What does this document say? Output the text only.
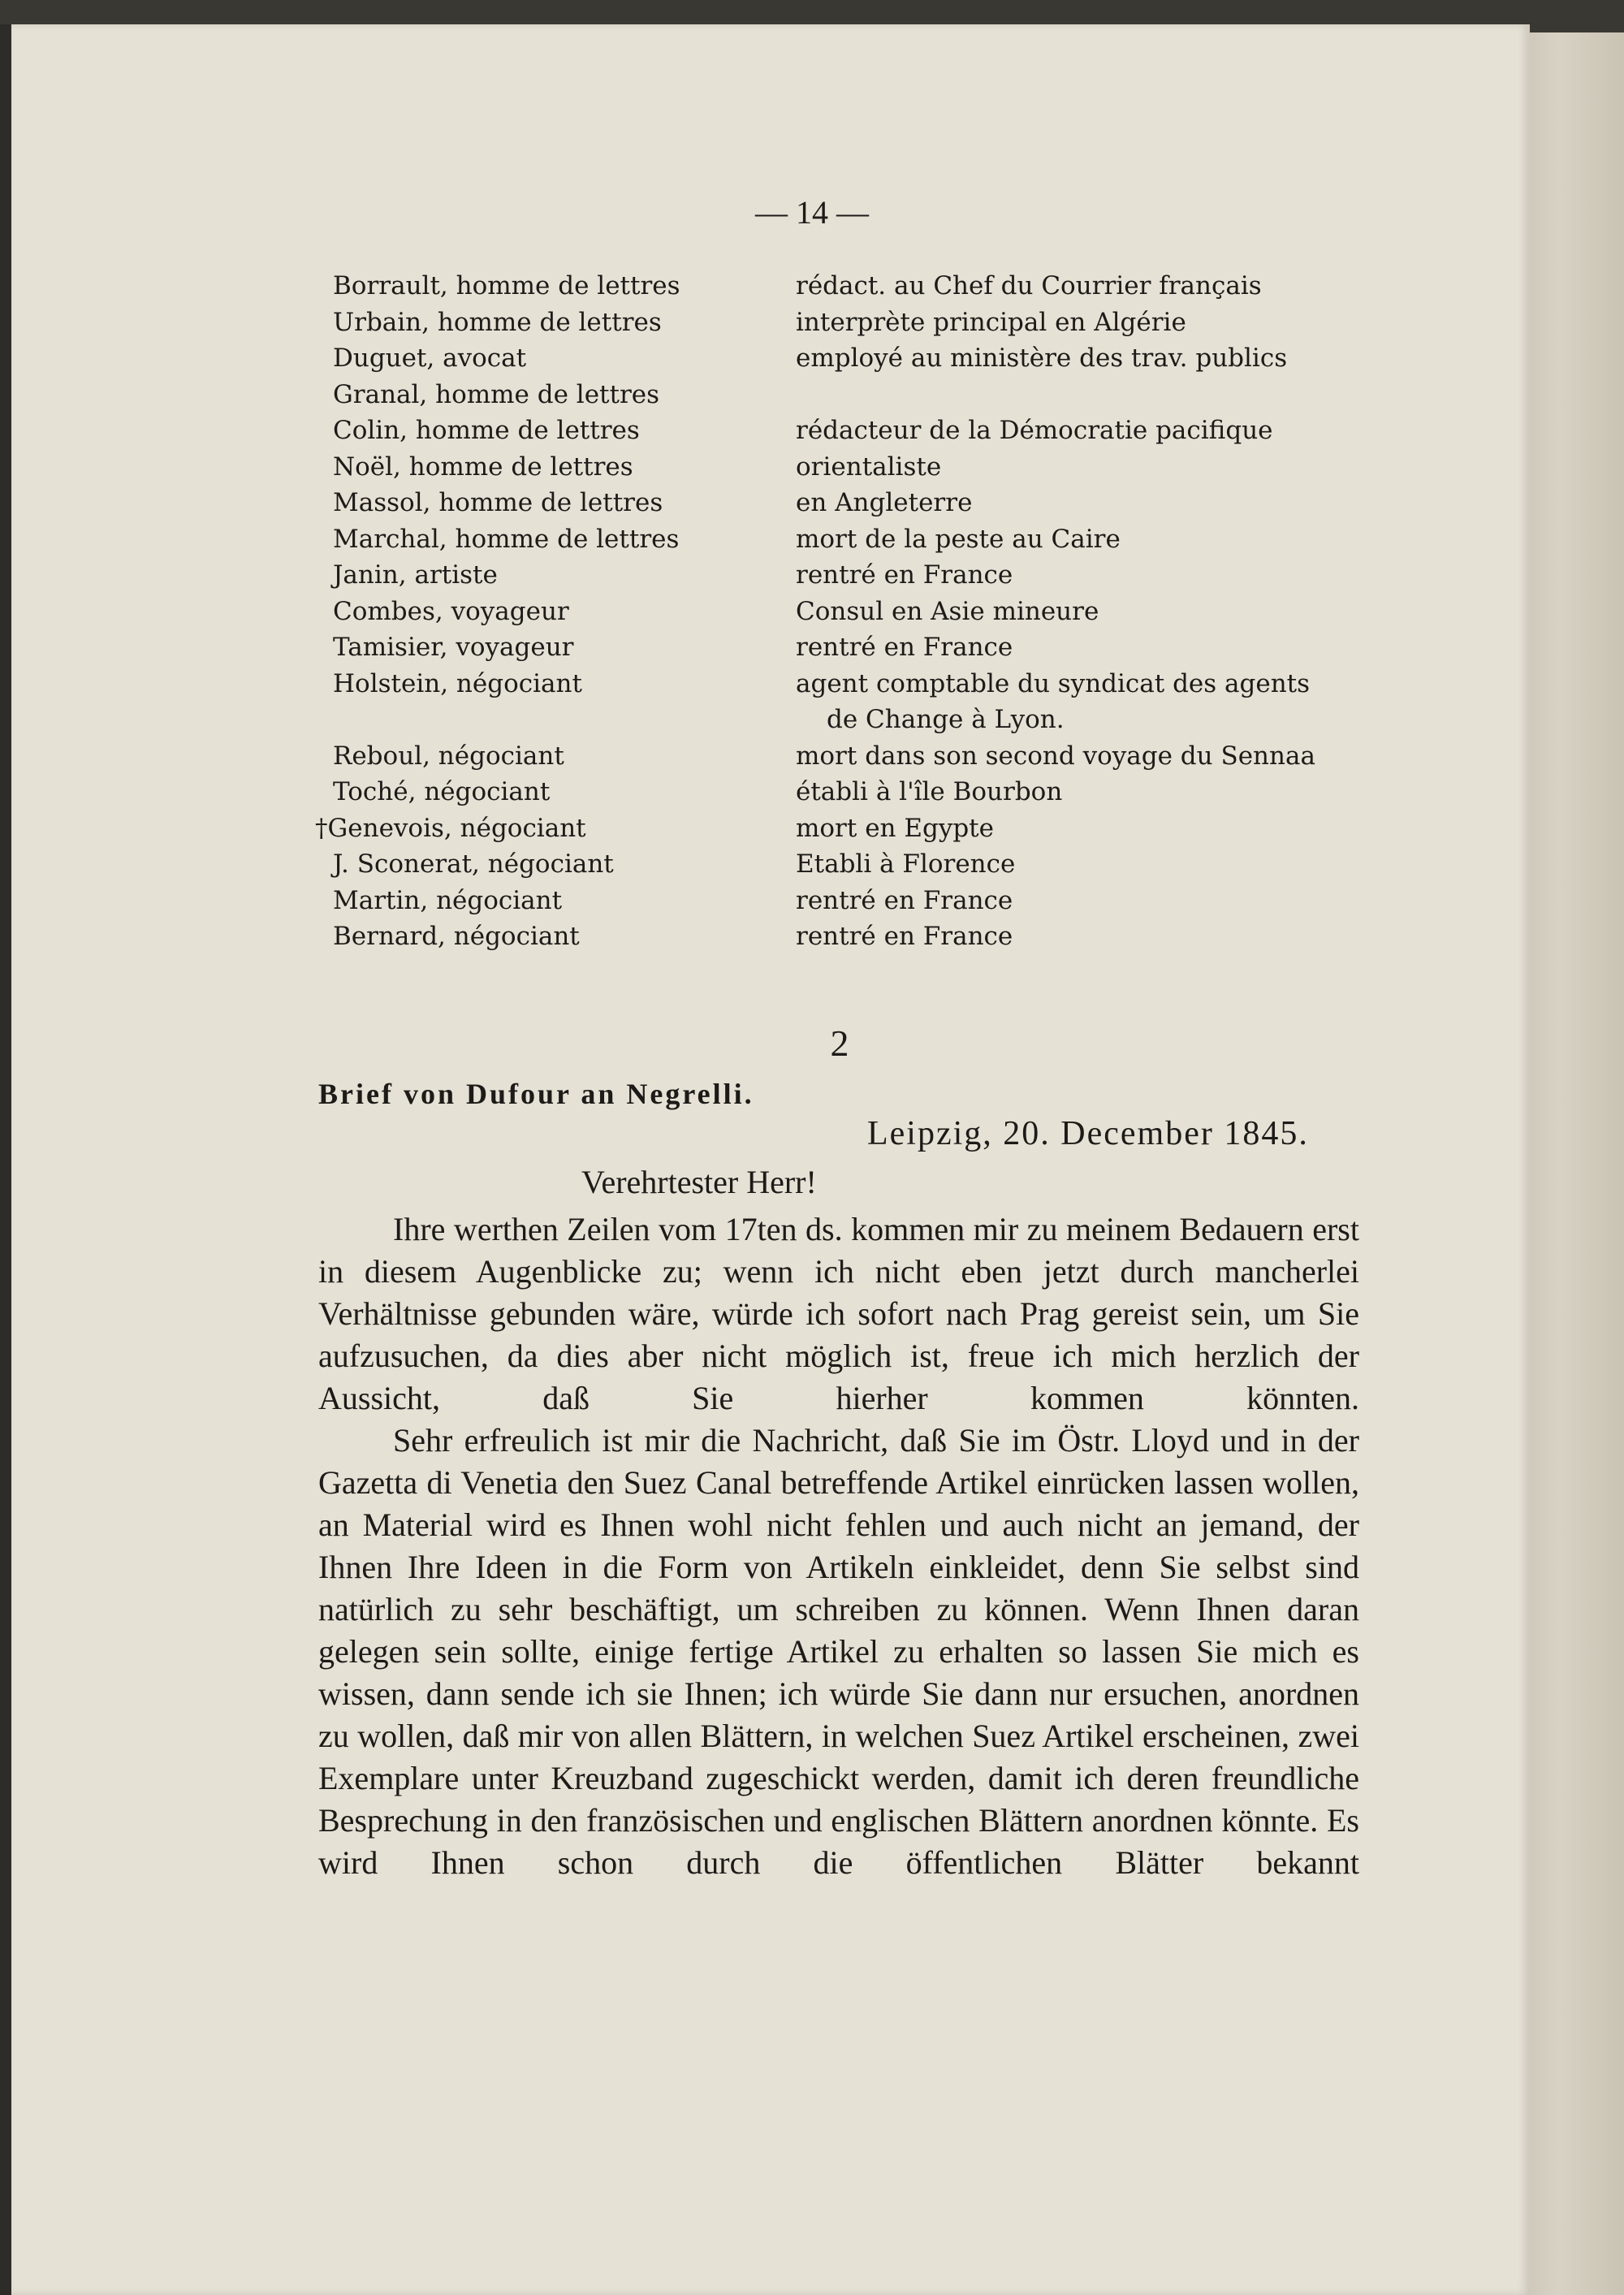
— 14 —
Borrault, homme de lettres
Urbain, homme de lettres
Duguet, avocat
Granal, homme de lettres
Colin, homme de lettres
Noël, homme de lettres
Massol, homme de lettres
Marchal, homme de lettres
Janin, artiste
Combes, voyageur
Tamisier, voyageur
Holstein, négociant
Reboul, négociant
Toché, négociant
†Genevois, négociant
J. Sconerat, négociant
Martin, négociant
Bernard, négociant
rédact. au Chef du Courrier français
interprète principal en Algérie
employé au ministère des trav. publics
rédacteur de la Démocratie pacifique
orientaliste
en Angleterre
mort de la peste au Caire
rentré en France
Consul en Asie mineure
rentré en France
agent comptable du syndicat des agents
de Change à Lyon.
mort dans son second voyage du Sennaa
établi à l'île Bourbon
mort en Egypte
Etabli à Florence
rentré en France
rentré en France
2
Brief von Dufour an Negrelli.
Leipzig, 20. December 1845.
Verehrtester Herr!

Ihre werthen Zeilen vom 17ten ds. kommen mir zu meinem Bedauern erst in diesem Augenblicke zu; wenn ich nicht eben jetzt durch mancherlei Verhältnisse gebunden wäre, würde ich sofort nach Prag gereist sein, um Sie aufzusuchen, da dies aber nicht möglich ist, freue ich mich herzlich der Aussicht, daß Sie hierher kommen könnten.

Sehr erfreulich ist mir die Nachricht, daß Sie im Östr. Lloyd und in der Gazetta di Venetia den Suez Canal betreffende Artikel einrücken lassen wollen, an Material wird es Ihnen wohl nicht fehlen und auch nicht an jemand, der Ihnen Ihre Ideen in die Form von Artikeln einkleidet, denn Sie selbst sind natürlich zu sehr beschäftigt, um schreiben zu können. Wenn Ihnen daran gelegen sein sollte, einige fertige Artikel zu erhalten so lassen Sie mich es wissen, dann sende ich sie Ihnen; ich würde Sie dann nur ersuchen, anordnen zu wollen, daß mir von allen Blättern, in welchen Suez Artikel erscheinen, zwei Exemplare unter Kreuzband zugeschickt werden, damit ich deren freundliche Besprechung in den französischen und englischen Blättern anordnen könnte. Es wird Ihnen schon durch die öffentlichen Blätter bekannt
